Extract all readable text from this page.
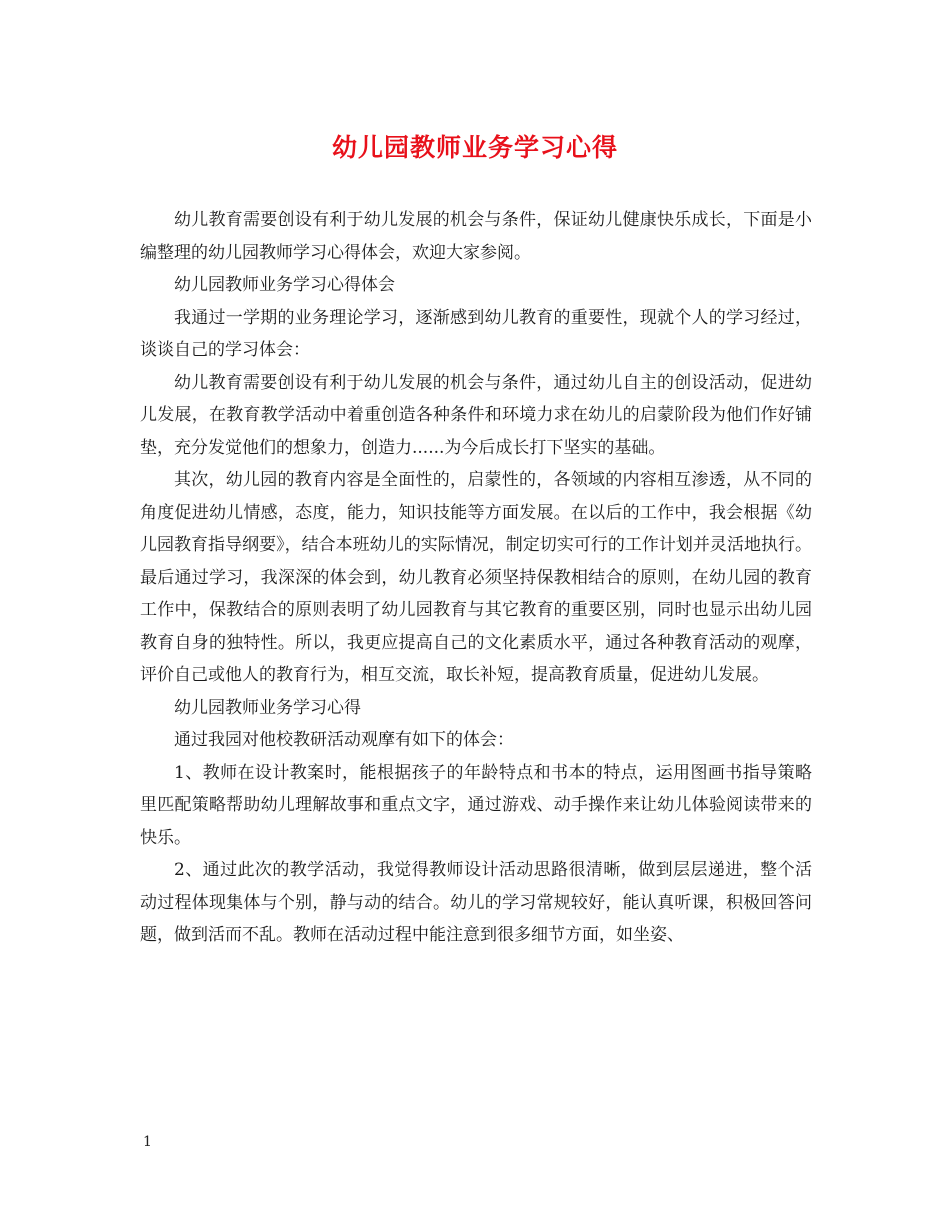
幼儿园教师业务学习心得

幼儿教育需要创设有利于幼儿发展的机会与条件，保证幼儿健康快乐成长，下面是小编整理的幼儿园教师学习心得体会，欢迎大家参阅。

幼儿园教师业务学习心得体会

我通过一学期的业务理论学习，逐渐感到幼儿教育的重要性，现就个人的学习经过，谈谈自己的学习体会：

幼儿教育需要创设有利于幼儿发展的机会与条件，通过幼儿自主的创设活动，促进幼儿发展，在教育教学活动中着重创造各种条件和环境力求在幼儿的启蒙阶段为他们作好铺垫，充分发觉他们的想象力，创造力......为今后成长打下坚实的基础。

其次，幼儿园的教育内容是全面性的，启蒙性的，各领域的内容相互渗透，从不同的角度促进幼儿情感，态度，能力，知识技能等方面发展。在以后的工作中，我会根据《幼儿园教育指导纲要》，结合本班幼儿的实际情况，制定切实可行的工作计划并灵活地执行。最后通过学习，我深深的体会到，幼儿教育必须坚持保教相结合的原则，在幼儿园的教育工作中，保教结合的原则表明了幼儿园教育与其它教育的重要区别，同时也显示出幼儿园教育自身的独特性。所以，我更应提高自己的文化素质水平，通过各种教育活动的观摩，评价自己或他人的教育行为，相互交流，取长补短，提高教育质量，促进幼儿发展。

幼儿园教师业务学习心得

通过我园对他校教研活动观摩有如下的体会：

1、教师在设计教案时，能根据孩子的年龄特点和书本的特点，运用图画书指导策略里匹配策略帮助幼儿理解故事和重点文字，通过游戏、动手操作来让幼儿体验阅读带来的快乐。

2、通过此次的教学活动，我觉得教师设计活动思路很清晰，做到层层递进，整个活动过程体现集体与个别，静与动的结合。幼儿的学习常规较好，能认真听课，积极回答问题，做到活而不乱。教师在活动过程中能注意到很多细节方面，如坐姿、

1
